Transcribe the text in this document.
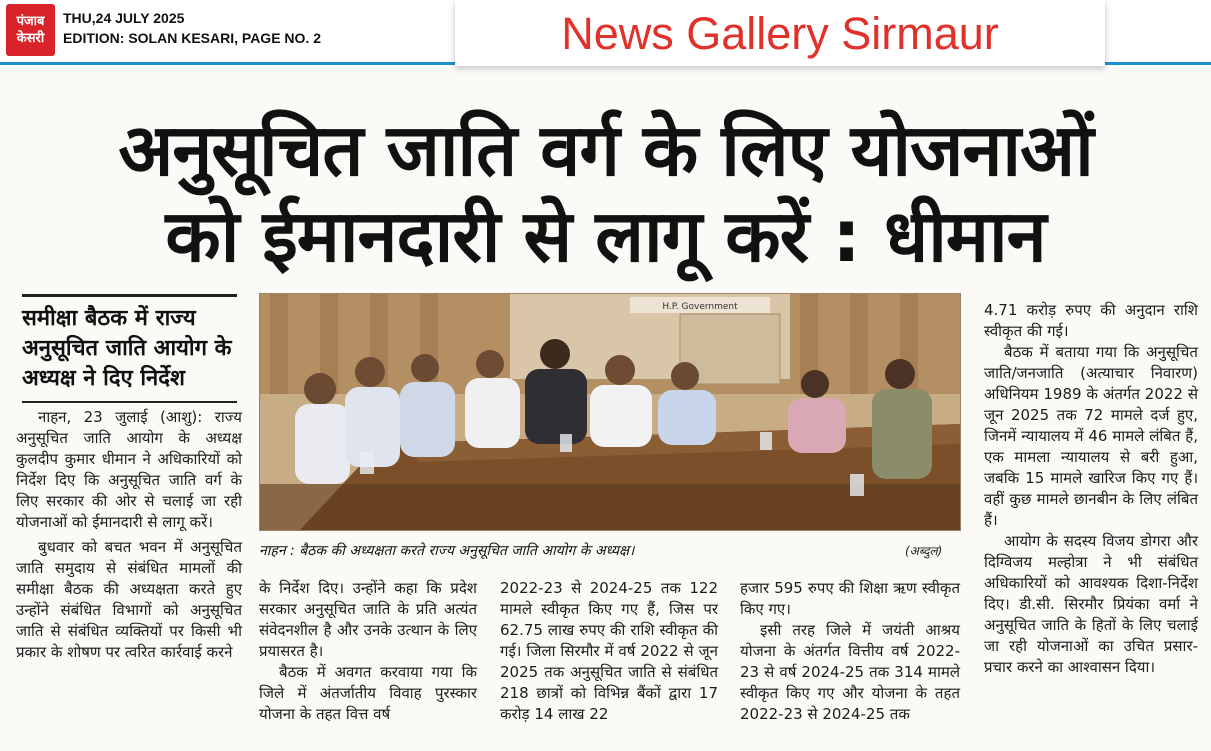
पंजाब
केसरी
THU,24 JULY 2025
EDITION: SOLAN KESARI, PAGE NO. 2	News Gallery Sirmaur
अनुसूचित जाति वर्ग के लिए योजनाओं
को ईमानदारी से लागू करें : धीमान
समीक्षा बैठक में राज्य अनुसूचित जाति आयोग के अध्यक्ष ने दिए निर्देश

नाहन, 23 जुलाई (आशु): राज्य अनुसूचित जाति आयोग के अध्यक्ष कुलदीप कुमार धीमान ने अधिकारियों को निर्देश दिए कि अनुसूचित जाति वर्ग के लिए सरकार की ओर से चलाई जा रही योजनाओं को ईमानदारी से लागू करें।

बुधवार को बचत भवन में अनुसूचित जाति समुदाय से संबंधित मामलों की समीक्षा बैठक की अध्यक्षता करते हुए उन्होंने संबंधित विभागों को अनुसूचित जाति से संबंधित व्यक्तियों पर किसी भी प्रकार के शोषण पर त्वरित कार्रवाई करने

H.P. Government
नाहन : बैठक की अध्यक्षता करते राज्य अनुसूचित जाति आयोग के अध्यक्ष।	(अब्दुल)

के निर्देश दिए। उन्होंने कहा कि प्रदेश सरकार अनुसूचित जाति के प्रति अत्यंत संवेदनशील है और उनके उत्थान के लिए प्रयासरत है।

बैठक में अवगत करवाया गया कि जिले में अंतर्जातीय विवाह पुरस्कार योजना के तहत वित्त वर्ष

2022-23 से 2024-25 तक 122 मामले स्वीकृत किए गए हैं, जिस पर 62.75 लाख रुपए की राशि स्वीकृत की गई। जिला सिरमौर में वर्ष 2022 से जून 2025 तक अनुसूचित जाति से संबंधित 218 छात्रों को विभिन्न बैंकों द्वारा 17 करोड़ 14 लाख 22

हजार 595 रुपए की शिक्षा ऋण स्वीकृत किए गए।

इसी तरह जिले में जयंती आश्रय योजना के अंतर्गत वित्तीय वर्ष 2022-23 से वर्ष 2024-25 तक 314 मामले स्वीकृत किए गए और योजना के तहत 2022-23 से 2024-25 तक

4.71 करोड़ रुपए की अनुदान राशि स्वीकृत की गई।

बैठक में बताया गया कि अनुसूचित जाति/जनजाति (अत्याचार निवारण) अधिनियम 1989 के अंतर्गत 2022 से जून 2025 तक 72 मामले दर्ज हुए, जिनमें न्यायालय में 46 मामले लंबित हैं, एक मामला न्यायालय से बरी हुआ, जबकि 15 मामले खारिज किए गए हैं। वहीं कुछ मामले छानबीन के लिए लंबित हैं।

आयोग के सदस्य विजय डोगरा और दिग्विजय मल्होत्रा ने भी संबंधित अधिकारियों को आवश्यक दिशा-निर्देश दिए। डी.सी. सिरमौर प्रियंका वर्मा ने अनुसूचित जाति के हितों के लिए चलाई जा रही योजनाओं का उचित प्रसार-प्रचार करने का आश्वासन दिया।
